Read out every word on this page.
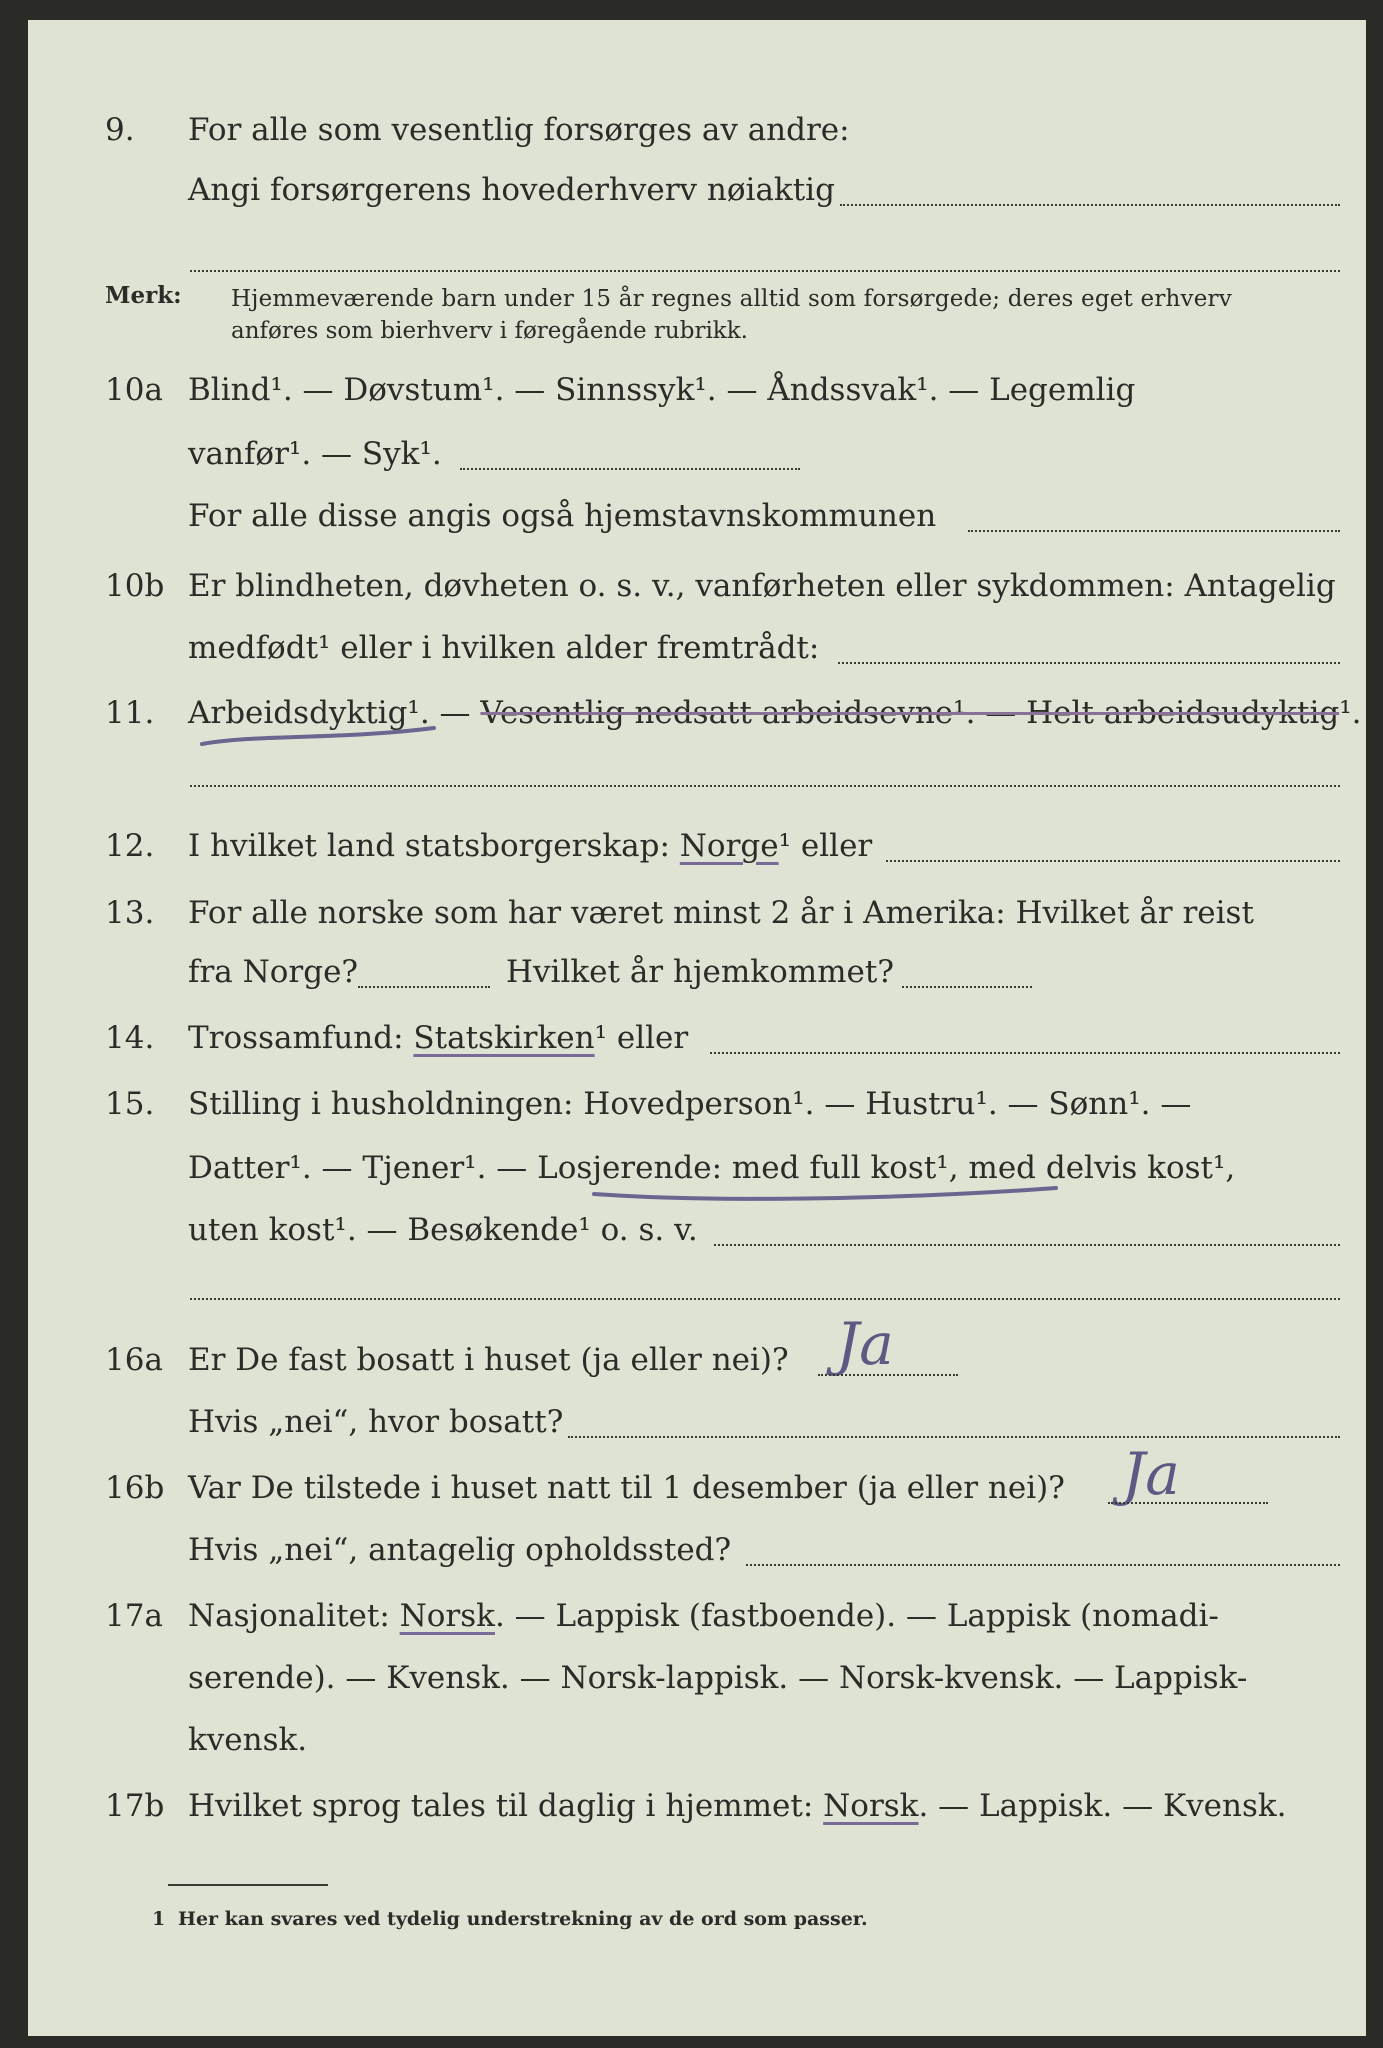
9. For alle som vesentlig forsørges av andre:
Angi forsørgerens hovederhverv nøiaktig
Merk: Hjemmeværende barn under 15 år regnes alltid som forsørgede; deres eget erhverv
anføres som bierhverv i føregående rubrikk.
10a Blind¹. — Døvstum¹. — Sinnssyk¹. — Åndssvak¹. — Legemlig
vanfør¹. — Syk¹.
For alle disse angis også hjemstavnskommunen
10b Er blindheten, døvheten o. s. v., vanførheten eller sykdommen: Antagelig
medfødt¹ eller i hvilken alder fremtrådt:
11. Arbeidsdyktig¹. — Vesentlig nedsatt arbeidsevne¹. — Helt arbeidsudyktig¹.
12. I hvilket land statsborgerskap: Norge¹ eller
13. For alle norske som har været minst 2 år i Amerika: Hvilket år reist
fra Norge?	Hvilket år hjemkommet?
14. Trossamfund: Statskirken¹ eller
15. Stilling i husholdningen: Hovedperson¹. — Hustru¹. — Sønn¹. —
Datter¹. — Tjener¹. — Losjerende: med full kost¹, med delvis kost¹,
uten kost¹. — Besøkende¹ o. s. v.
16a Er De fast bosatt i huset (ja eller nei)? Ja
Hvis „nei“, hvor bosatt?
16b Var De tilstede i huset natt til 1 desember (ja eller nei)? Ja
Hvis „nei“, antagelig opholdssted?
17a Nasjonalitet: Norsk. — Lappisk (fastboende). — Lappisk (nomadi-
serende). — Kvensk. — Norsk-lappisk. — Norsk-kvensk. — Lappisk-
kvensk.
17b Hvilket sprog tales til daglig i hjemmet: Norsk. — Lappisk. — Kvensk.
1 Her kan svares ved tydelig understrekning av de ord som passer.
